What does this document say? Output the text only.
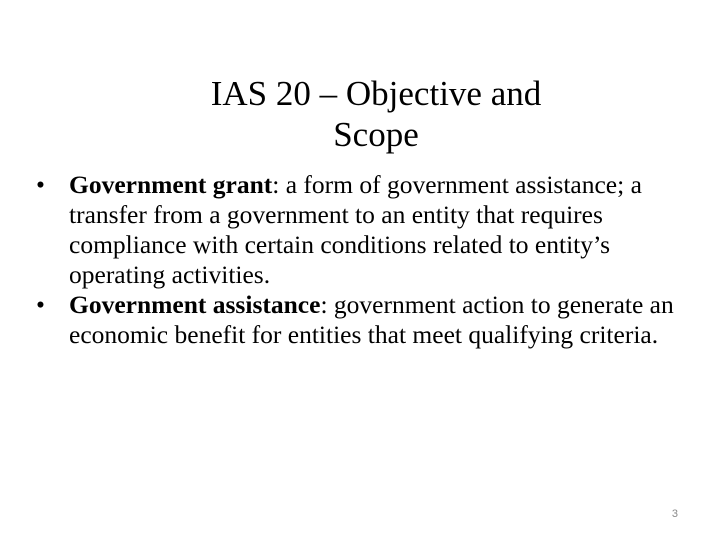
IAS 20 – Objective and
Scope
• Government grant: a form of government assistance; a transfer from a government to an entity that requires compliance with certain conditions related to entity’s operating activities.
• Government assistance: government action to generate an economic benefit for entities that meet qualifying criteria.
3
